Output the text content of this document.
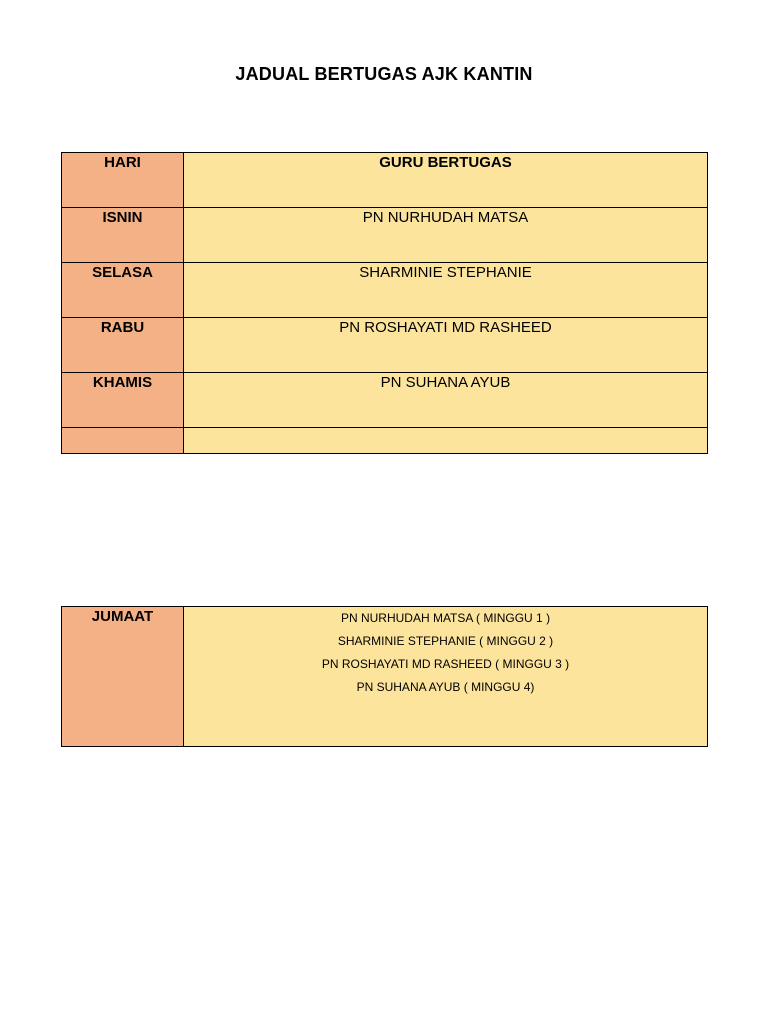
JADUAL BERTUGAS AJK KANTIN
HARI	GURU BERTUGAS

ISNIN	PN NURHUDAH MATSA

SELASA	SHARMINIE STEPHANIE

RABU	PN ROSHAYATI MD RASHEED

KHAMIS	PN SUHANA AYUB

JUMAAT	PN NURHUDAH MATSA ( MINGGU 1 )
SHARMINIE STEPHANIE ( MINGGU 2 )
PN ROSHAYATI MD RASHEED ( MINGGU 3 )
PN SUHANA AYUB ( MINGGU 4)
